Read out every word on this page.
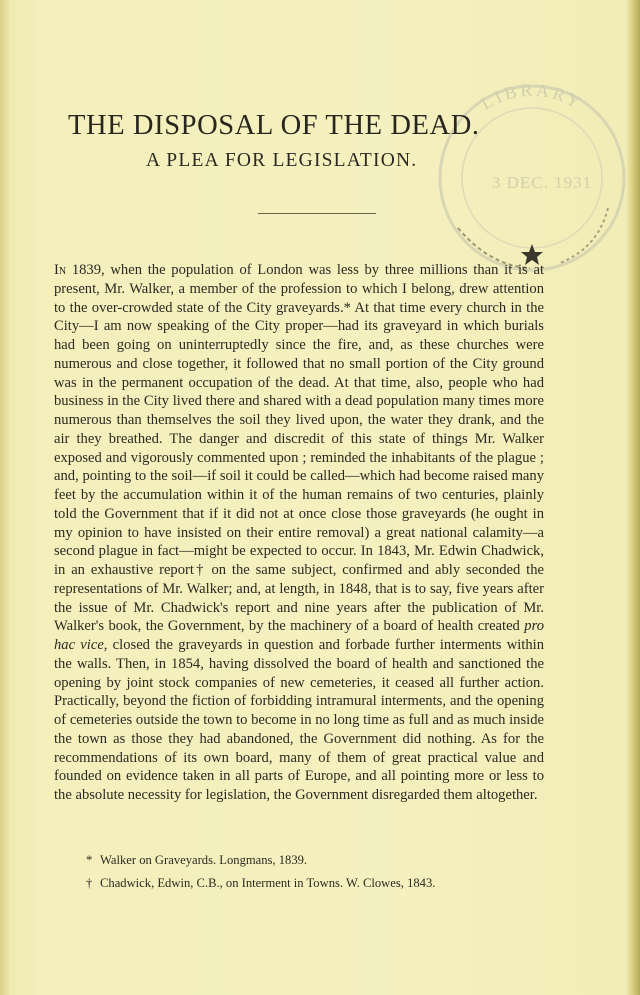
LIBRARY
3 DEC. 1931
THE DISPOSAL OF THE DEAD.
A PLEA FOR LEGISLATION.

In 1839, when the population of London was less by three millions than it is at present, Mr. Walker, a member of the profession to which I belong, drew attention to the over-crowded state of the City graveyards.* At that time every church in the City—I am now speaking of the City proper—had its graveyard in which burials had been going on uninterruptedly since the fire, and, as these churches were numerous and close together, it followed that no small portion of the City ground was in the permanent occupation of the dead. At that time, also, people who had business in the City lived there and shared with a dead population many times more numerous than themselves the soil they lived upon, the water they drank, and the air they breathed. The danger and discredit of this state of things Mr. Walker exposed and vigorously commented upon ; reminded the inhabitants of the plague ; and, pointing to the soil—if soil it could be called—which had become raised many feet by the accumulation within it of the human remains of two centuries, plainly told the Government that if it did not at once close those graveyards (he ought in my opinion to have insisted on their entire removal) a great national calamity—a second plague in fact—might be expected to occur. In 1843, Mr. Edwin Chadwick, in an exhaustive report† on the same subject, confirmed and ably seconded the representations of Mr. Walker; and, at length, in 1848, that is to say, five years after the issue of Mr. Chadwick's report and nine years after the publication of Mr. Walker's book, the Government, by the machinery of a board of health created pro hac vice, closed the graveyards in question and forbade further interments within the walls. Then, in 1854, having dissolved the board of health and sanctioned the opening by joint stock companies of new cemeteries, it ceased all further action. Practically, beyond the fiction of forbidding intramural interments, and the opening of cemeteries outside the town to become in no long time as full and as much inside the town as those they had abandoned, the Government did nothing. As for the recommendations of its own board, many of them of great practical value and founded on evidence taken in all parts of Europe, and all pointing more or less to the absolute necessity for legislation, the Government disregarded them altogether.

* Walker on Graveyards. Longmans, 1839.

† Chadwick, Edwin, C.B., on Interment in Towns. W. Clowes, 1843.
